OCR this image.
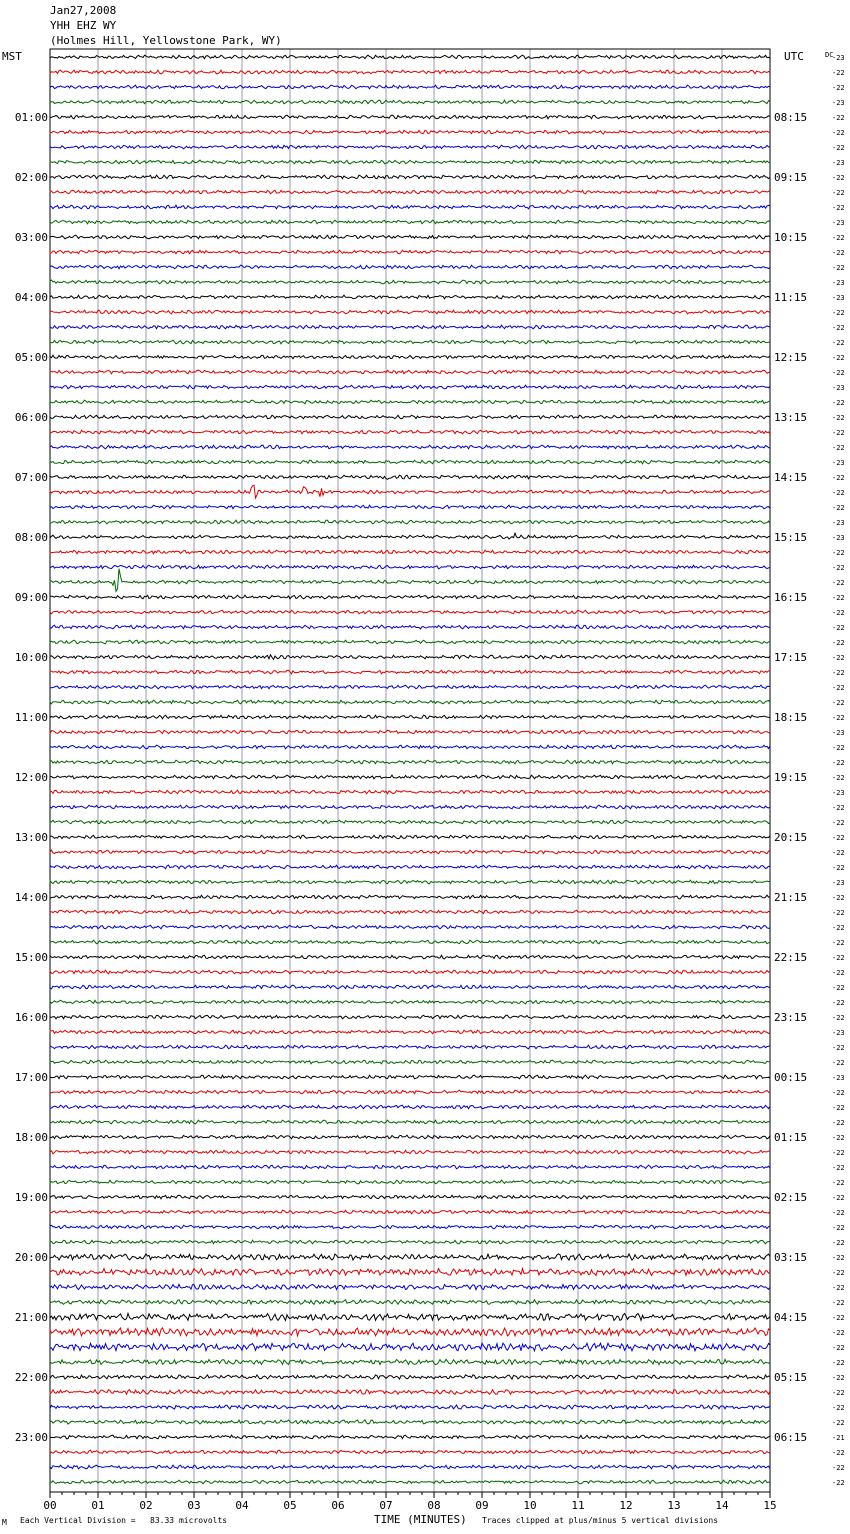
Jan27,2008
YHH EHZ WY
(Holmes Hill, Yellowstone Park, WY)
MST	UTC
01:00
02:00
03:00
04:00
05:00
06:00
07:00
08:00
09:00
10:00
11:00
12:00
13:00
14:00
15:00
16:00
17:00
18:00
19:00
20:00
21:00
22:00
23:00
08:15
09:15
10:15
11:15
12:15
13:15
14:15
15:15
16:15
17:15
18:15
19:15
20:15
21:15
22:15
23:15
00:15
01:15
02:15
03:15
04:15
05:15
06:15
DC
-23
-22
-22
-23
-22
-22
-22
-23
-22
-22
-22
-23
-22
-22
-22
-23
-23
-22
-22
-22
-22
-22
-23
-22
-22
-22
-22
-23
-22
-22
-22
-23
-23
-22
-22
-22
-22
-22
-22
-22
-22
-22
-22
-22
-22
-23
-22
-22
-22
-23
-22
-22
-22
-22
-22
-23
-22
-22
-22
-22
-22
-22
-22
-22
-22
-23
-22
-22
-23
-22
-22
-22
-22
-22
-22
-22
-22
-22
-22
-22
-22
-22
-22
-22
-22
-22
-22
-22
-22
-22
-22
-22
-21
-22
-22
-22
00	01	02	03	04	05	06	07	08	09	10	11	12	13	14	15
M Each Vertical Division =   83.33 microvolts	TIME (MINUTES) Traces clipped at plus/minus 5 vertical divisions
